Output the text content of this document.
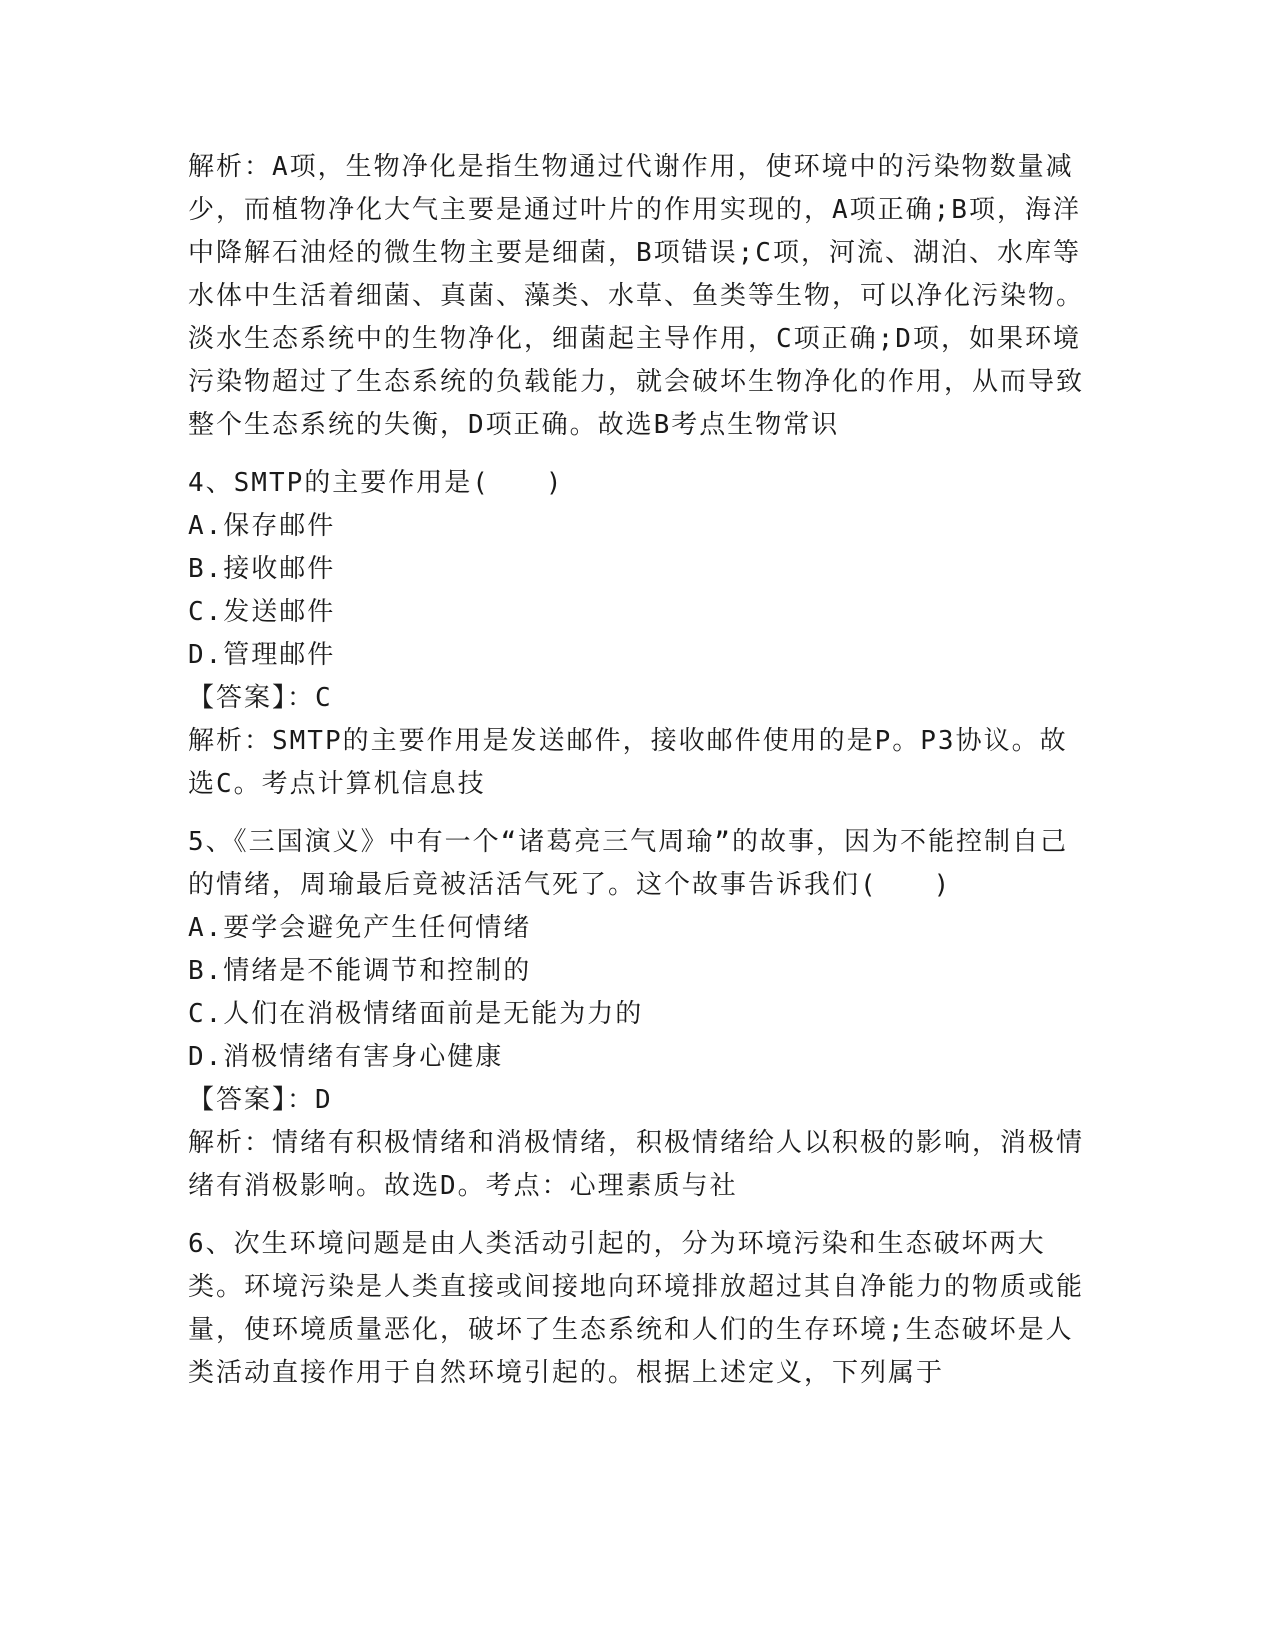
解析：A项，生物净化是指生物通过代谢作用，使环境中的污染物数量减少，而植物净化大气主要是通过叶片的作用实现的，A项正确;B项，海洋中降解石油烃的微生物主要是细菌，B项错误;C项，河流、湖泊、水库等水体中生活着细菌、真菌、藻类、水草、鱼类等生物，可以净化污染物。淡水生态系统中的生物净化，细菌起主导作用，C项正确;D项，如果环境污染物超过了生态系统的负载能力，就会破坏生物净化的作用，从而导致整个生态系统的失衡，D项正确。故选B考点生物常识
4、SMTP的主要作用是(　　)
A.保存邮件
B.接收邮件
C.发送邮件
D.管理邮件
【答案】：C
解析：SMTP的主要作用是发送邮件，接收邮件使用的是P。P3协议。故选C。考点计算机信息技
5、《三国演义》中有一个“诸葛亮三气周瑜”的故事，因为不能控制自己的情绪，周瑜最后竟被活活气死了。这个故事告诉我们(　　)
A.要学会避免产生任何情绪
B.情绪是不能调节和控制的
C.人们在消极情绪面前是无能为力的
D.消极情绪有害身心健康
【答案】：D
解析：情绪有积极情绪和消极情绪，积极情绪给人以积极的影响，消极情绪有消极影响。故选D。考点：心理素质与社
6、次生环境问题是由人类活动引起的，分为环境污染和生态破坏两大类。环境污染是人类直接或间接地向环境排放超过其自净能力的物质或能量，使环境质量恶化，破坏了生态系统和人们的生存环境;生态破坏是人类活动直接作用于自然环境引起的。根据上述定义，下列属于
